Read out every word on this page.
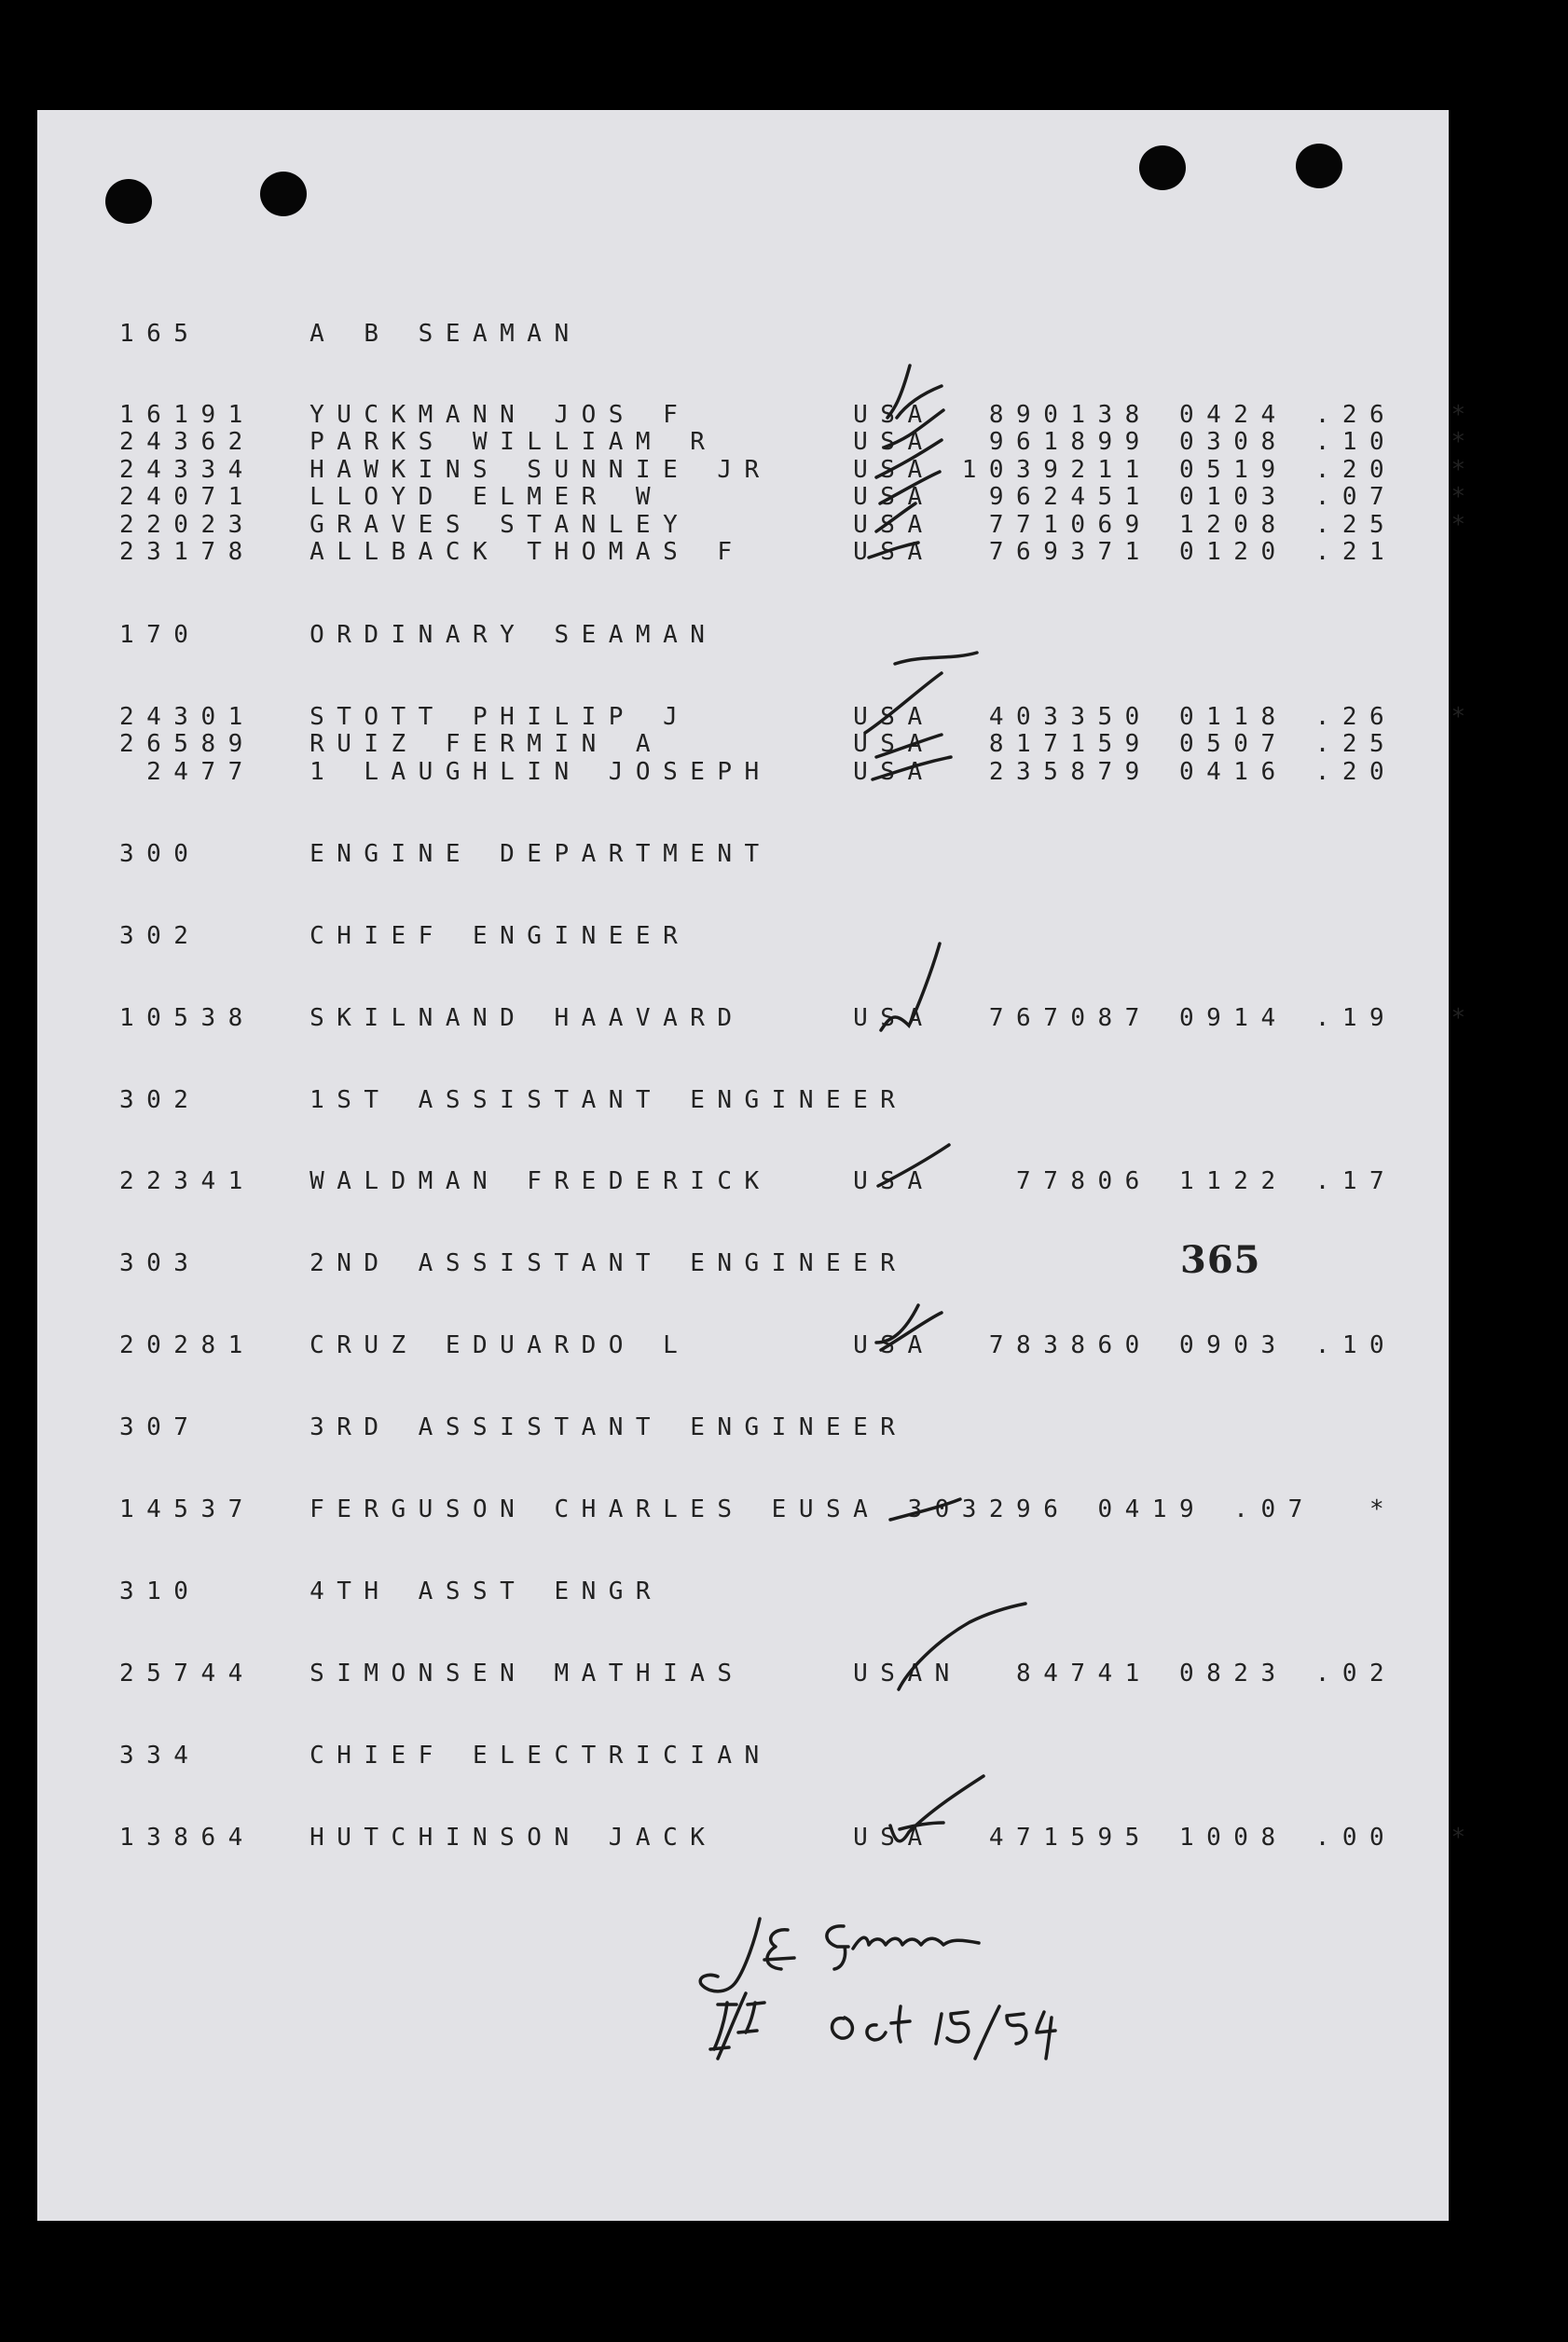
165    A B SEAMAN
16191  YUCKMANN JOS F      USA  890138 0424 .26  *
24362  PARKS WILLIAM R     USA  961899 0308 .10  *
24334  HAWKINS SUNNIE JR   USA 1039211 0519 .20  *
24071  LLOYD ELMER W       USA  962451 0103 .07  *
22023  GRAVES STANLEY      USA  771069 1208 .25  *
23178  ALLBACK THOMAS F    USA  769371 0120 .21
170    ORDINARY SEAMAN
24301  STOTT PHILIP J      USA  403350 0118 .26  *
26589  RUIZ FERMIN A       USA  817159 0507 .25
2477  1 LAUGHLIN JOSEPH   USA  235879 0416 .20
300    ENGINE DEPARTMENT
302    CHIEF ENGINEER
10538  SKILNAND HAAVARD    USA  767087 0914 .19  *
302    1ST ASSISTANT ENGINEER
22341  WALDMAN FREDERICK   USA   77806 1122 .17
303    2ND ASSISTANT ENGINEER
20281  CRUZ EDUARDO L      USA  783860 0903 .10
307    3RD ASSISTANT ENGINEER
14537  FERGUSON CHARLES EUSA 303296 0419 .07  *
310    4TH ASST ENGR
25744  SIMONSEN MATHIAS    USAN  84741 0823 .02
334    CHIEF ELECTRICIAN
13864  HUTCHINSON JACK     USA  471595 1008 .00  *
365
